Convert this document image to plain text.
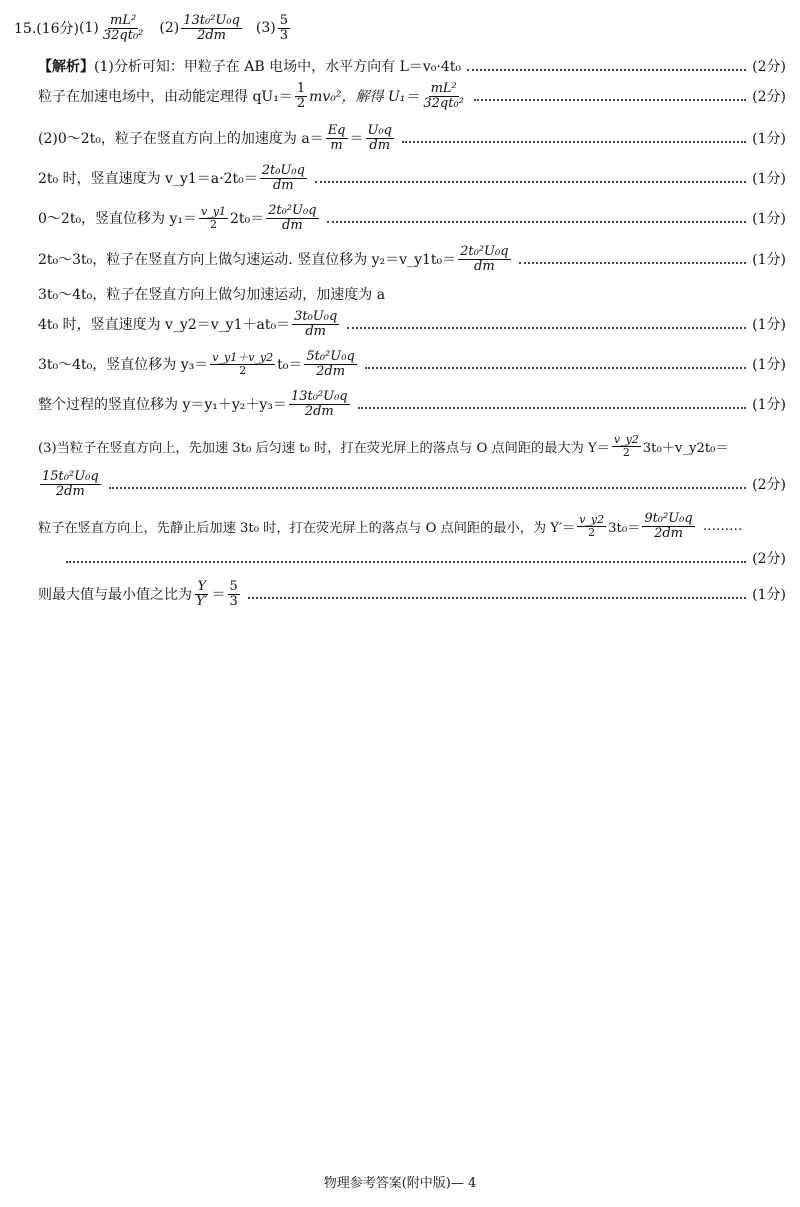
15.(16分) $(1) \frac{\text{mL²}}{\text{32qt₀²}} (2) \frac{\text{13t₀²U₀q}}{2dm} (3) \frac{5}{3}$
【解析】 (1)分析可知：甲粒子在 AB 电场中，水平方向有 L＝v₀·4t₀	(2分)
粒子在加速电场中，由动能定理得 $qU_1= \frac{1}{2} mv_0^2$，解得 $U_1= \frac{\text{mL²}}{\text{32qt₀²}}$	(2分)
(2)0～2t₀，粒子在竖直方向上的加速度为 $a= \frac{Eq}{m} = \frac{\text{U₀q}}{dm}$	(1分)
2t₀ 时，竖直速度为 v_y1＝a·2t₀＝ $\frac{\text{2t₀U₀q}}{dm}$	(1分)
0～2t₀，竖直位移为 $y_1= \frac{v\_y1}{2} 2t_0= \frac{\text{2t₀²U₀q}}{dm}$	(1分)
2t₀～3t₀，粒子在竖直方向上做匀速运动. 竖直位移为 y₂＝v_y1t₀＝ $\frac{\text{2t₀²U₀q}}{dm}$	(1分)
3t₀～4t₀，粒子在竖直方向上做匀加速运动，加速度为 a
4t₀ 时，竖直速度为 v_y2＝v_y1＋at₀＝ $\frac{\text{3t₀U₀q}}{dm}$	(1分)
3t₀～4t₀，竖直位移为 $y_3= \frac{v\_y1+v\_y2}{2} t_0= \frac{\text{5t₀²U₀q}}{2dm}$	(1分)
整个过程的竖直位移为 $y=y_1+y_2+y_3= \frac{\text{13t₀²U₀q}}{2dm}$	(1分)
(3)当粒子在竖直方向上，先加速 3t₀ 后匀速 t₀ 时，打在荧光屏上的落点与 O 点间距的最大为 $Y= \frac{v\_y2}{2}$ 3t₀＋v_y2t₀＝
$\frac{\text{15t₀²U₀q}}{2dm}$	(2分)
粒子在竖直方向上，先静止后加速 3t₀ 时，打在荧光屏上的落点与 O 点间距的最小，为 $Y'= \frac{v\_y2}{2} 3t_0= \frac{\text{9t₀²U₀q}}{2dm}$ ………
(2分)
则最大值与最小值之比为 $\frac{Y}{Y'} = \frac{5}{3}$	(1分)
物理参考答案(附中版)— 4
